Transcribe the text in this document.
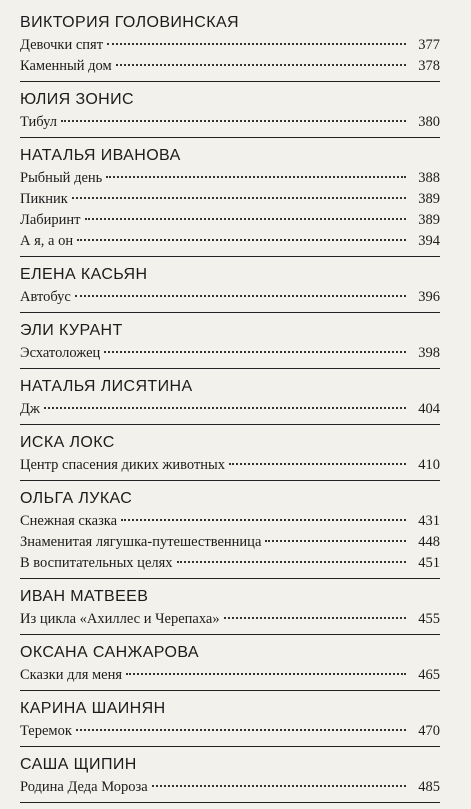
ВИКТОРИЯ ГОЛОВИНСКАЯ
Девочки спят	377
Каменный дом	378
ЮЛИЯ ЗОНИС
Тибул	380
НАТАЛЬЯ ИВАНОВА
Рыбный день	388
Пикник	389
Лабиринт	389
А я, а он	394
ЕЛЕНА КАСЬЯН
Автобус	396
ЭЛИ КУРАНТ
Эсхатоложец	398
НАТАЛЬЯ ЛИСЯТИНА
Дж	404
ИСКА ЛОКС
Центр спасения диких животных	410
ОЛЬГА ЛУКАС
Снежная сказка	431
Знаменитая лягушка-путешественница	448
В воспитательных целях	451
ИВАН МАТВЕЕВ
Из цикла «Ахиллес и Черепаха»	455
ОКСАНА САНЖАРОВА
Сказки для меня	465
КАРИНА ШАИНЯН
Теремок	470
САША ЩИПИН
Родина Деда Мороза	485
